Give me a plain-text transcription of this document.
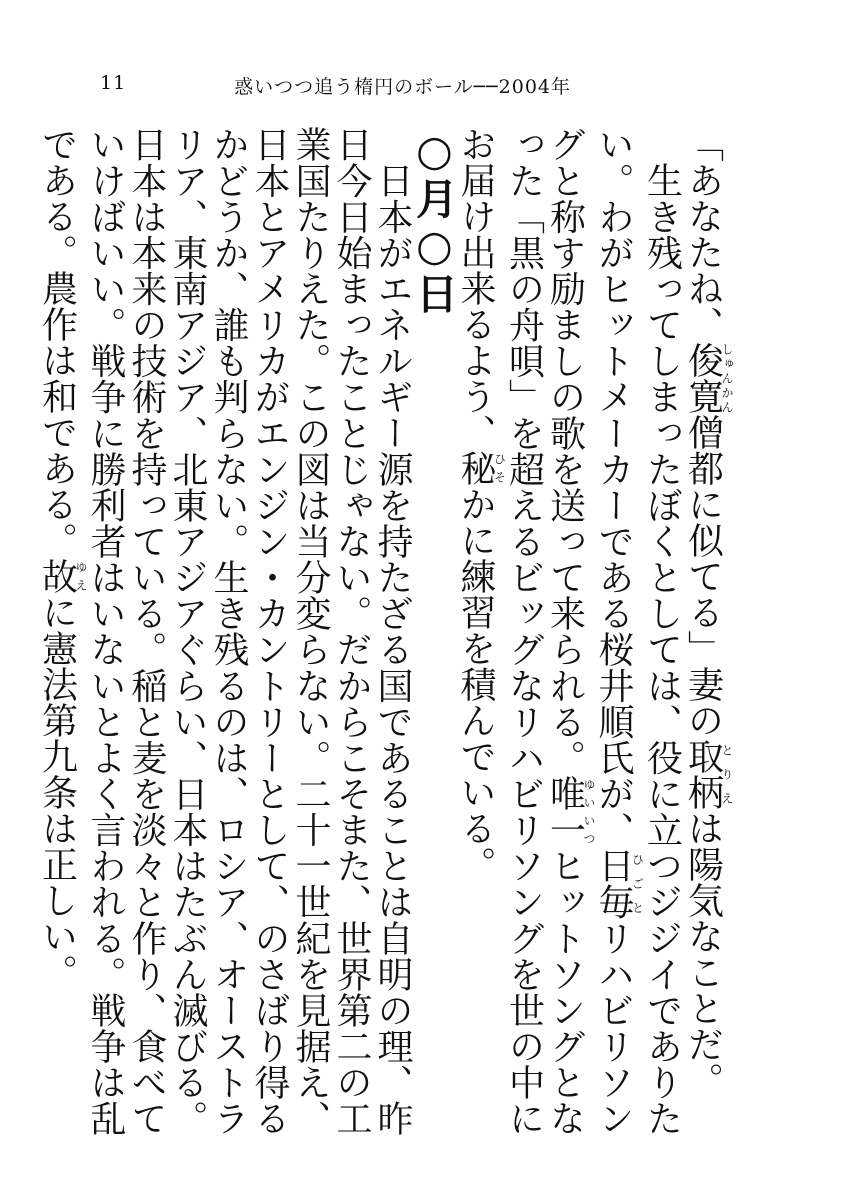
11	惑いつつ追う楕円のボール──2004年

「あなたね、俊寛しゅんかん僧都に似てる」妻の取柄とりえは陽気なことだ。

生き残ってしまったぼくとしては、役に立つジジイでありたい。わがヒットメーカーである桜井順氏が、日毎ひごとリハビリソングと称す励ましの歌を送って来られる。唯一ゆいいつヒットソングとなった「黒の舟唄」を超えるビッグなリハビリソングを世の中にお届け出来るよう、秘ひそかに練習を積んでいる。

○月○日

日本がエネルギー源を持たざる国であることは自明の理、昨日今日始まったことじゃない。だからこそまた、世界第二の工業国たりえた。この図は当分変らない。二十一世紀を見据え、日本とアメリカがエンジン・カントリーとして、のさばり得るかどうか、誰も判らない。生き残るのは、ロシア、オーストラリア、東南アジア、北東アジアぐらい、日本はたぶん滅びる。日本は本来の技術を持っている。稲と麦を淡々と作り、食べていけばいい。戦争に勝利者はいないとよく言われる。戦争は乱である。農作は和である。故ゆえに憲法第九条は正しい。
